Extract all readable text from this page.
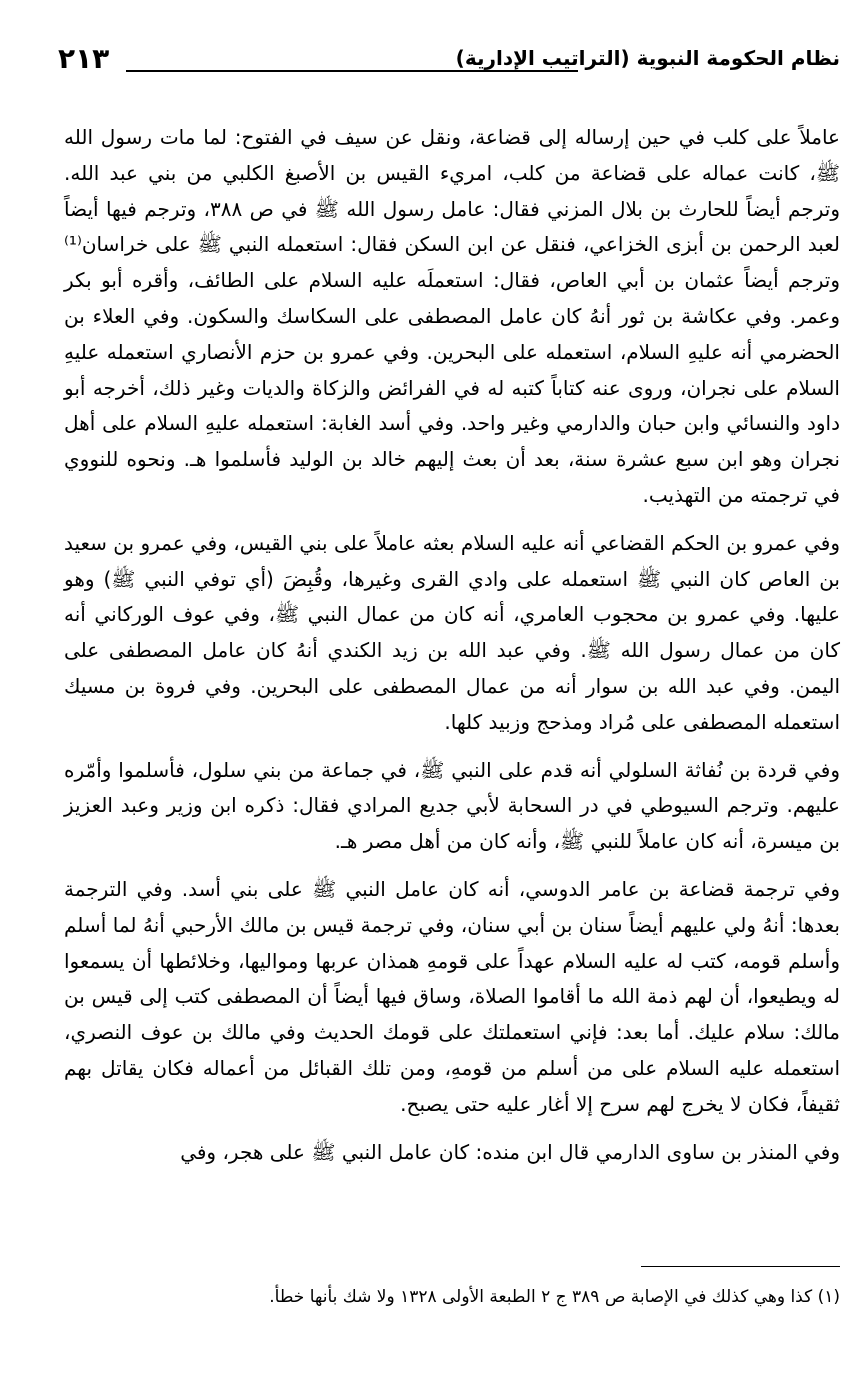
نظام الحكومة النبوية (التراتيب الإدارية)
٢١٣

عاملاً على كلب في حين إرساله إلى قضاعة، ونقل عن سيف في الفتوح: لما مات رسول الله ﷺ، كانت عماله على قضاعة من كلب، امريء القيس بن الأصبغ الكلبي من بني عبد الله. وترجم أيضاً للحارث بن بلال المزني فقال: عامل رسول الله ﷺ في ص ٣٨٨، وترجم فيها أيضاً لعبد الرحمن بن أبزى الخزاعي، فنقل عن ابن السكن فقال: استعمله النبي ﷺ على خراسان⁽¹⁾ وترجم أيضاً عثمان بن أبي العاص، فقال: استعملَه عليه السلام على الطائف، وأقره أبو بكر وعمر. وفي عكاشة بن ثور أنهُ كان عامل المصطفى على السكاسك والسكون. وفي العلاء بن الحضرمي أنه عليهِ السلام، استعمله على البحرين. وفي عمرو بن حزم الأنصاري استعمله عليهِ السلام على نجران، وروى عنه كتاباً كتبه له في الفرائض والزكاة والديات وغير ذلك، أخرجه أبو داود والنسائي وابن حبان والدارمي وغير واحد. وفي أسد الغابة: استعمله عليهِ السلام على أهل نجران وهو ابن سبع عشرة سنة، بعد أن بعث إليهم خالد بن الوليد فأسلموا هـ. ونحوه للنووي في ترجمته من التهذيب.

وفي عمرو بن الحكم القضاعي أنه عليه السلام بعثه عاملاً على بني القيس، وفي عمرو بن سعيد بن العاص كان النبي ﷺ استعمله على وادي القرى وغيرها، وقُبِضَ (أي توفي النبي ﷺ) وهو عليها. وفي عمرو بن محجوب العامري، أنه كان من عمال النبي ﷺ، وفي عوف الوركاني أنه كان من عمال رسول الله ﷺ. وفي عبد الله بن زيد الكندي أنهُ كان عامل المصطفى على اليمن. وفي عبد الله بن سوار أنه من عمال المصطفى على البحرين. وفي فروة بن مسيك استعمله المصطفى على مُراد ومذحج وزبيد كلها.

وفي قردة بن نُفاثة السلولي أنه قدم على النبي ﷺ، في جماعة من بني سلول، فأسلموا وأمّره عليهم. وترجم السيوطي في در السحابة لأبي جديع المرادي فقال: ذكره ابن وزير وعبد العزيز بن ميسرة، أنه كان عاملاً للنبي ﷺ، وأنه كان من أهل مصر هـ.

وفي ترجمة قضاعة بن عامر الدوسي، أنه كان عامل النبي ﷺ على بني أسد. وفي الترجمة بعدها: أنهُ ولي عليهم أيضاً سنان بن أبي سنان، وفي ترجمة قيس بن مالك الأرحبي أنهُ لما أسلم وأسلم قومه، كتب له عليه السلام عهداً على قومهِ همذان عربها ومواليها، وخلائطها أن يسمعوا له ويطيعوا، أن لهم ذمة الله ما أقاموا الصلاة، وساق فيها أيضاً أن المصطفى كتب إلى قيس بن مالك: سلام عليك. أما بعد: فإني استعملتك على قومك الحديث وفي مالك بن عوف النصري، استعمله عليه السلام على من أسلم من قومهِ، ومن تلك القبائل من أعماله فكان يقاتل بهم ثقيفاً، فكان لا يخرج لهم سرح إلا أغار عليه حتى يصبح.

وفي المنذر بن ساوى الدارمي قال ابن منده: كان عامل النبي ﷺ على هجر، وفي

(١) كذا وهي كذلك في الإصابة ص ٣٨٩ ج ٢ الطبعة الأولى ١٣٢٨ ولا شك بأنها خطأ.
